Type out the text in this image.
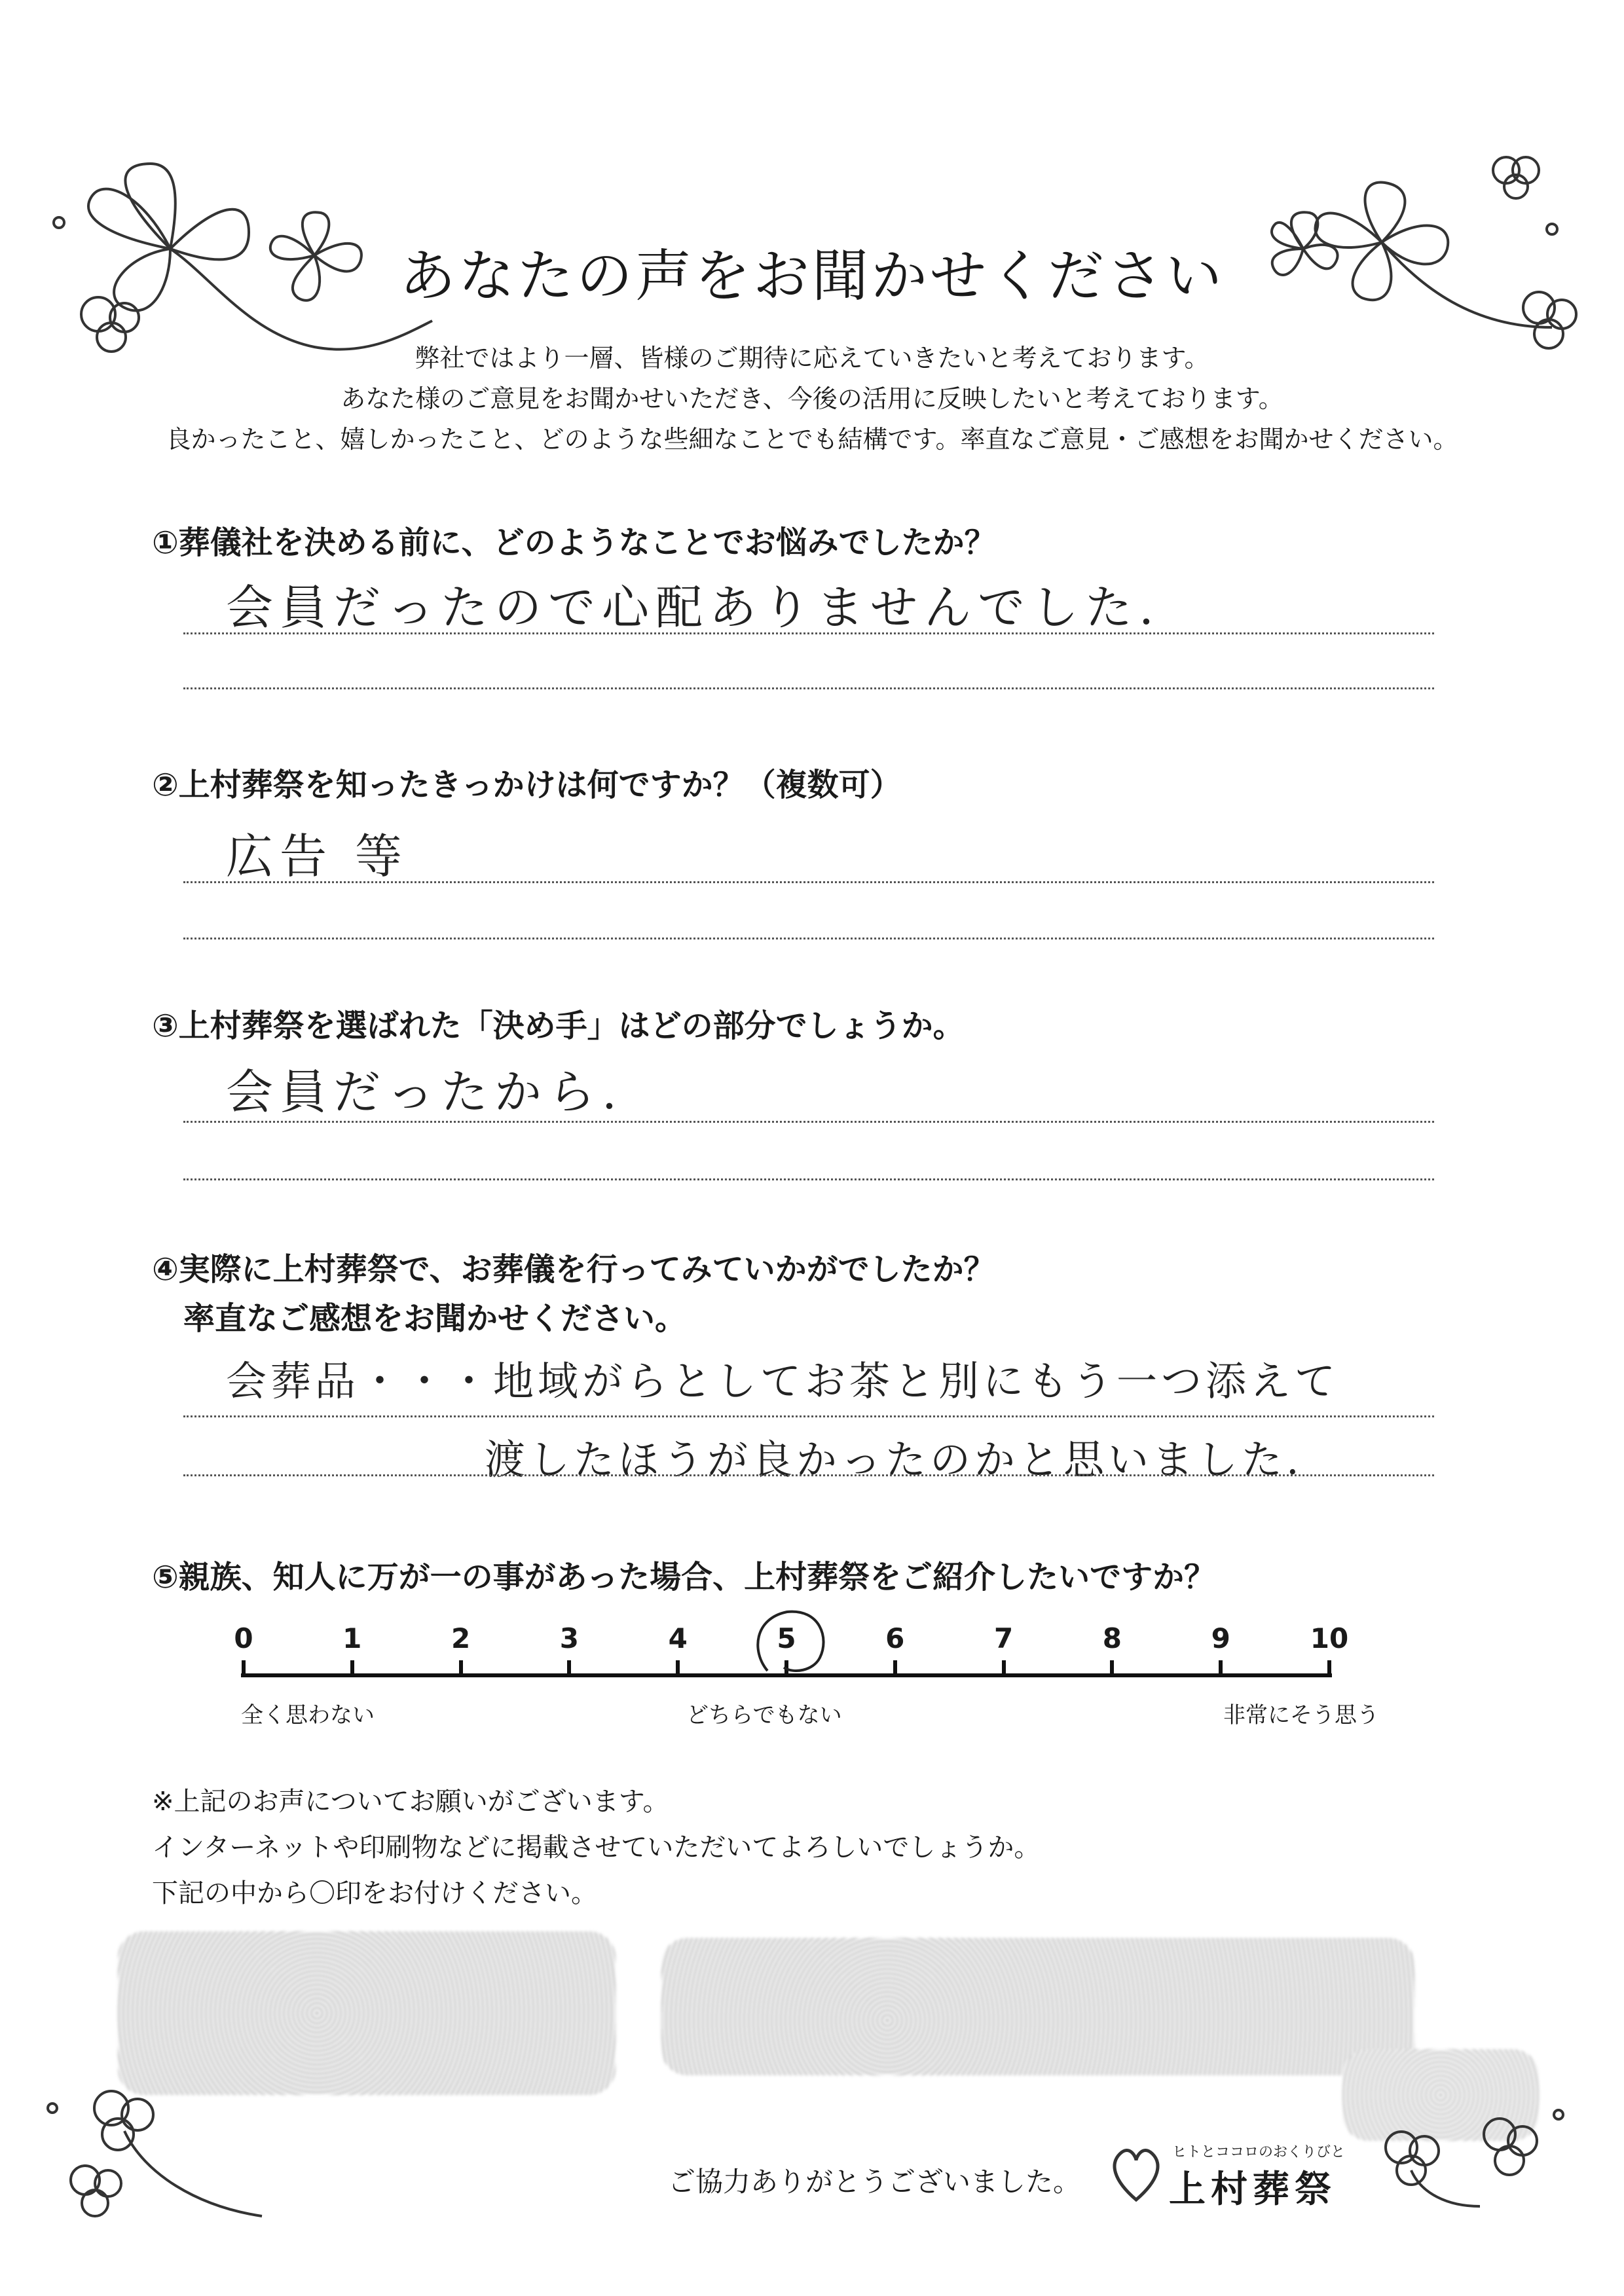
あなたの声をお聞かせください
弊社ではより一層、皆様のご期待に応えていきたいと考えております。
あなた様のご意見をお聞かせいただき、今後の活用に反映したいと考えております。
良かったこと、嬉しかったこと、どのような些細なことでも結構です。率直なご意見・ご感想をお聞かせください。
①葬儀社を決める前に、どのようなことでお悩みでしたか？
会員だったので心配ありませんでした.
②上村葬祭を知ったきっかけは何ですか？（複数可）
広告 等
③上村葬祭を選ばれた「決め手」はどの部分でしょうか。
会員だったから.
④実際に上村葬祭で、お葬儀を行ってみていかがでしたか？
率直なご感想をお聞かせください。
会葬品・・・地域がらとしてお茶と別にもう一つ添えて
渡したほうが良かったのかと思いました.
⑤親族、知人に万が一の事があった場合、上村葬祭をご紹介したいですか？
0	1	2	3	4	5	6	7	8	9	10
全く思わない	どちらでもない	非常にそう思う
※上記のお声についてお願いがございます。
インターネットや印刷物などに掲載させていただいてよろしいでしょうか。
下記の中から〇印をお付けください。
ご協力ありがとうございました。
ヒトとココロのおくりびと
上村葬祭
